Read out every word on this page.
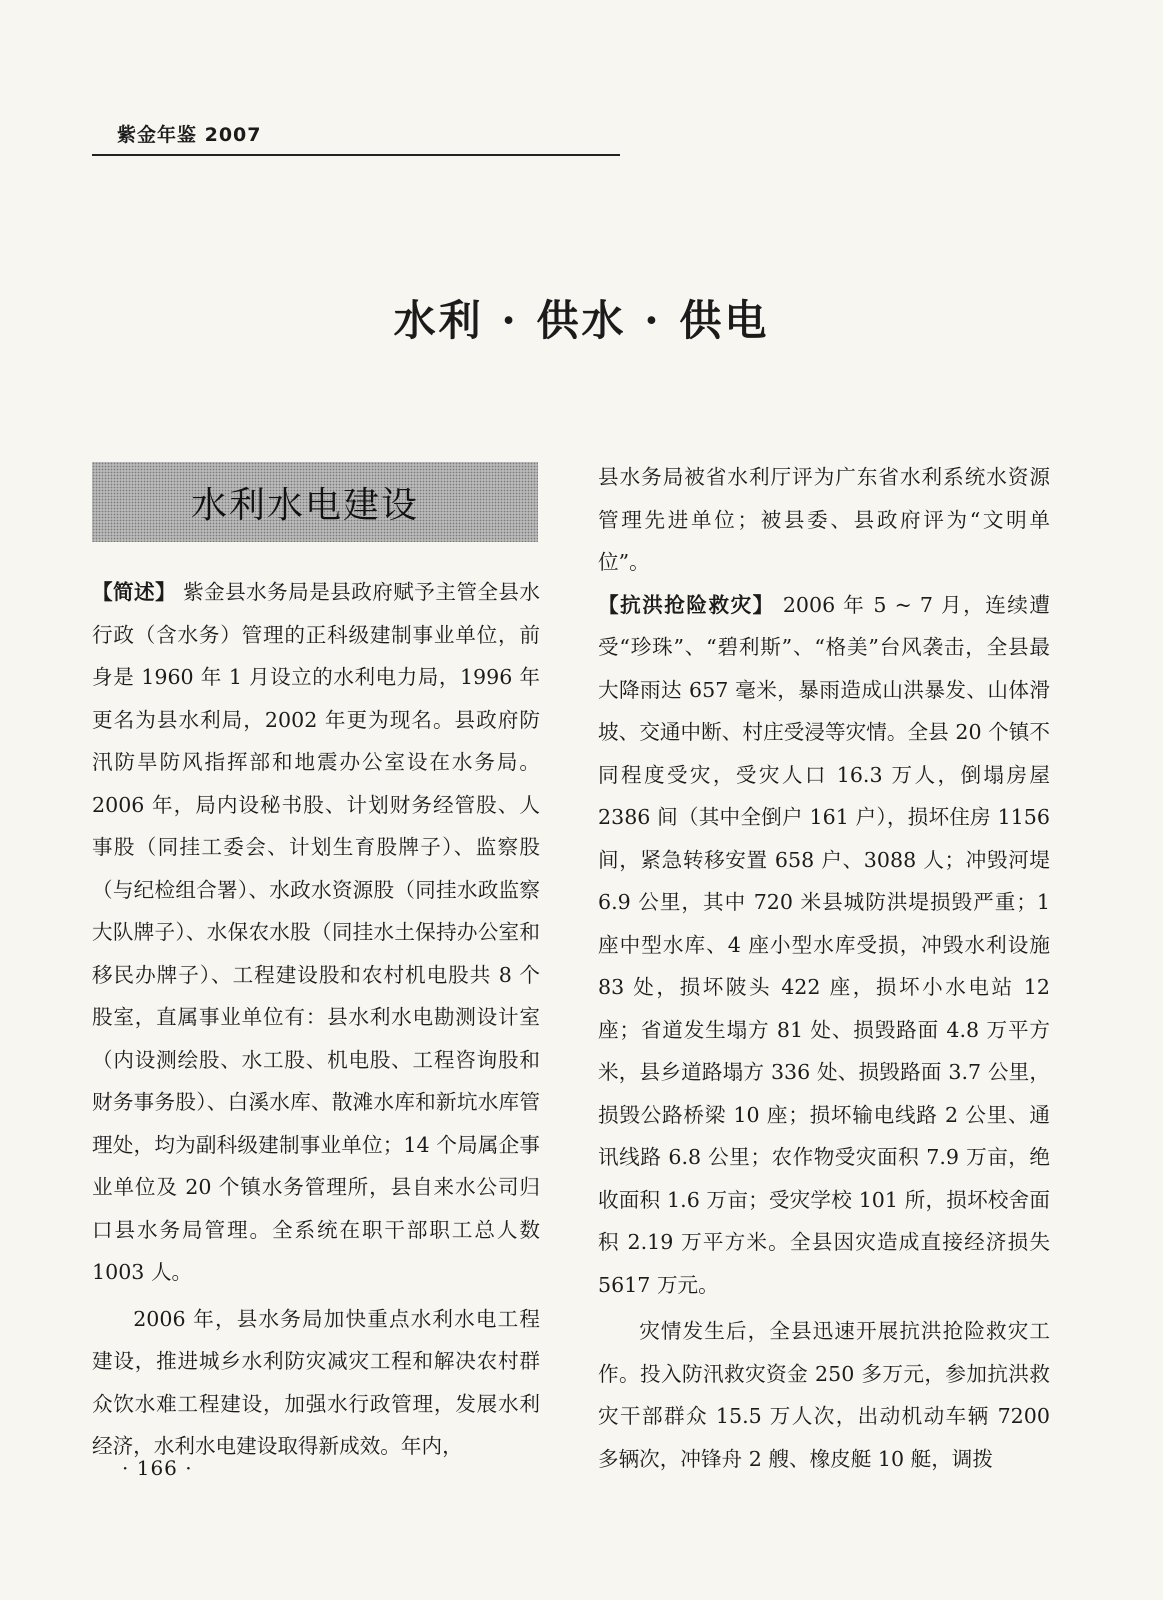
紫金年鉴 2007
水利 · 供水 · 供电
水利水电建设

【简述】 紫金县水务局是县政府赋予主管全县水行政（含水务）管理的正科级建制事业单位，前身是 1960 年 1 月设立的水利电力局，1996 年更名为县水利局，2002 年更为现名。县政府防汛防旱防风指挥部和地震办公室设在水务局。2006 年，局内设秘书股、计划财务经管股、人事股（同挂工委会、计划生育股牌子）、监察股（与纪检组合署）、水政水资源股（同挂水政监察大队牌子）、水保农水股（同挂水土保持办公室和移民办牌子）、工程建设股和农村机电股共 8 个股室，直属事业单位有：县水利水电勘测设计室（内设测绘股、水工股、机电股、工程咨询股和财务事务股）、白溪水库、散滩水库和新坑水库管理处，均为副科级建制事业单位；14 个局属企事业单位及 20 个镇水务管理所，县自来水公司归口县水务局管理。全系统在职干部职工总人数 1003 人。

2006 年，县水务局加快重点水利水电工程建设，推进城乡水利防灾减灾工程和解决农村群众饮水难工程建设，加强水行政管理，发展水利经济，水利水电建设取得新成效。年内，

县水务局被省水利厅评为广东省水利系统水资源管理先进单位；被县委、县政府评为“文明单位”。

【抗洪抢险救灾】 2006 年 5 ~ 7 月，连续遭受“珍珠”、“碧利斯”、“格美”台风袭击，全县最大降雨达 657 毫米，暴雨造成山洪暴发、山体滑坡、交通中断、村庄受浸等灾情。全县 20 个镇不同程度受灾，受灾人口 16.3 万人，倒塌房屋 2386 间（其中全倒户 161 户），损坏住房 1156 间，紧急转移安置 658 户、3088 人；冲毁河堤 6.9 公里，其中 720 米县城防洪堤损毁严重；1 座中型水库、4 座小型水库受损，冲毁水利设施 83 处，损坏陂头 422 座，损坏小水电站 12 座；省道发生塌方 81 处、损毁路面 4.8 万平方米，县乡道路塌方 336 处、损毁路面 3.7 公里，损毁公路桥梁 10 座；损坏输电线路 2 公里、通讯线路 6.8 公里；农作物受灾面积 7.9 万亩，绝收面积 1.6 万亩；受灾学校 101 所，损坏校舍面积 2.19 万平方米。全县因灾造成直接经济损失 5617 万元。

灾情发生后，全县迅速开展抗洪抢险救灾工作。投入防汛救灾资金 250 多万元，参加抗洪救灾干部群众 15.5 万人次，出动机动车辆 7200 多辆次，冲锋舟 2 艘、橡皮艇 10 艇，调拨

· 166 ·
